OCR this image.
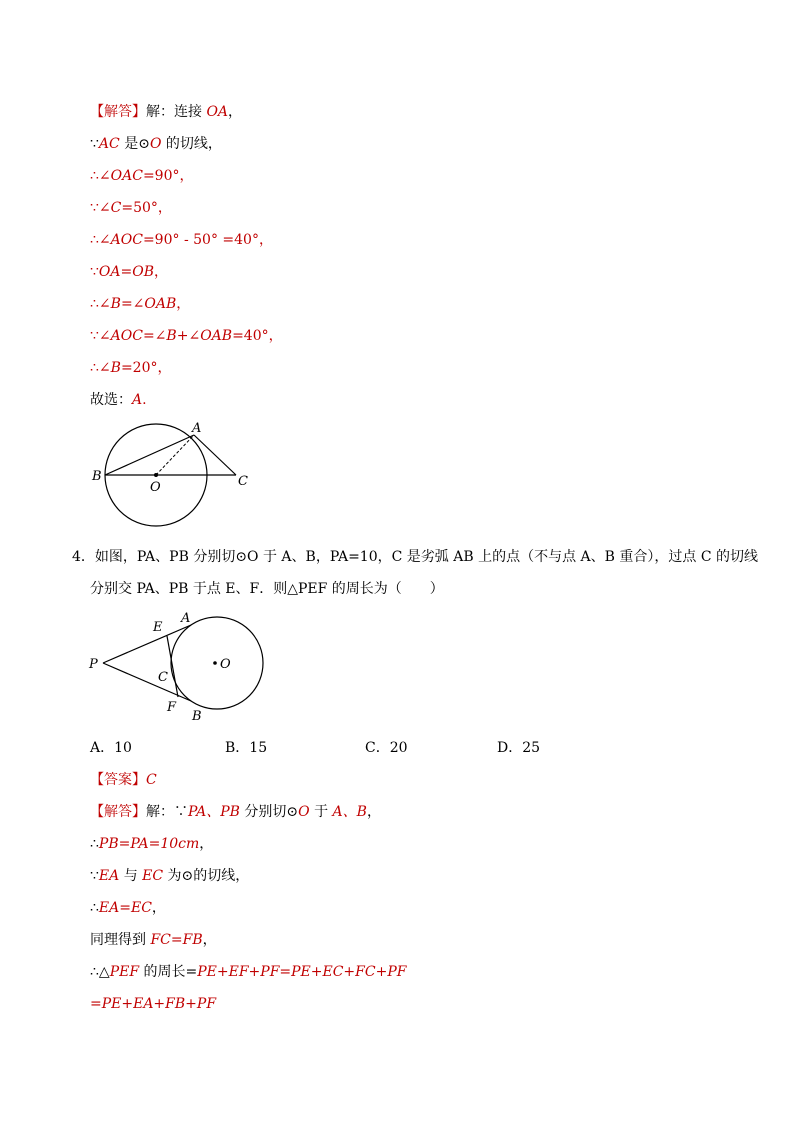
【解答】解：连接 OA，
∵AC 是⊙O 的切线，
∴∠OAC=90°，
∵∠C=50°，
∴∠AOC=90° - 50° =40°，
∵OA=OB，
∴∠B=∠OAB，
∵∠AOC=∠B+∠OAB=40°，
∴∠B=20°，
故选：A.
A
B
O	C
4．如图，PA、PB 分别切⊙O 于 A、B，PA=10，C 是劣弧 AB 上的点（不与点 A、B 重合），过点 C 的切线
分别交 PA、PB 于点 E、F．则△PEF 的周长为（　　）
P
E
A
O
C
F
B
A．10	B．15	C．20	D．25
【答案】C
【解答】解：∵PA、PB 分别切⊙O 于 A、B，
∴PB=PA=10cm，
∵EA 与 EC 为⊙的切线，
∴EA=EC，
同理得到 FC=FB，
∴△PEF 的周长=PE+EF+PF=PE+EC+FC+PF
=PE+EA+FB+PF
